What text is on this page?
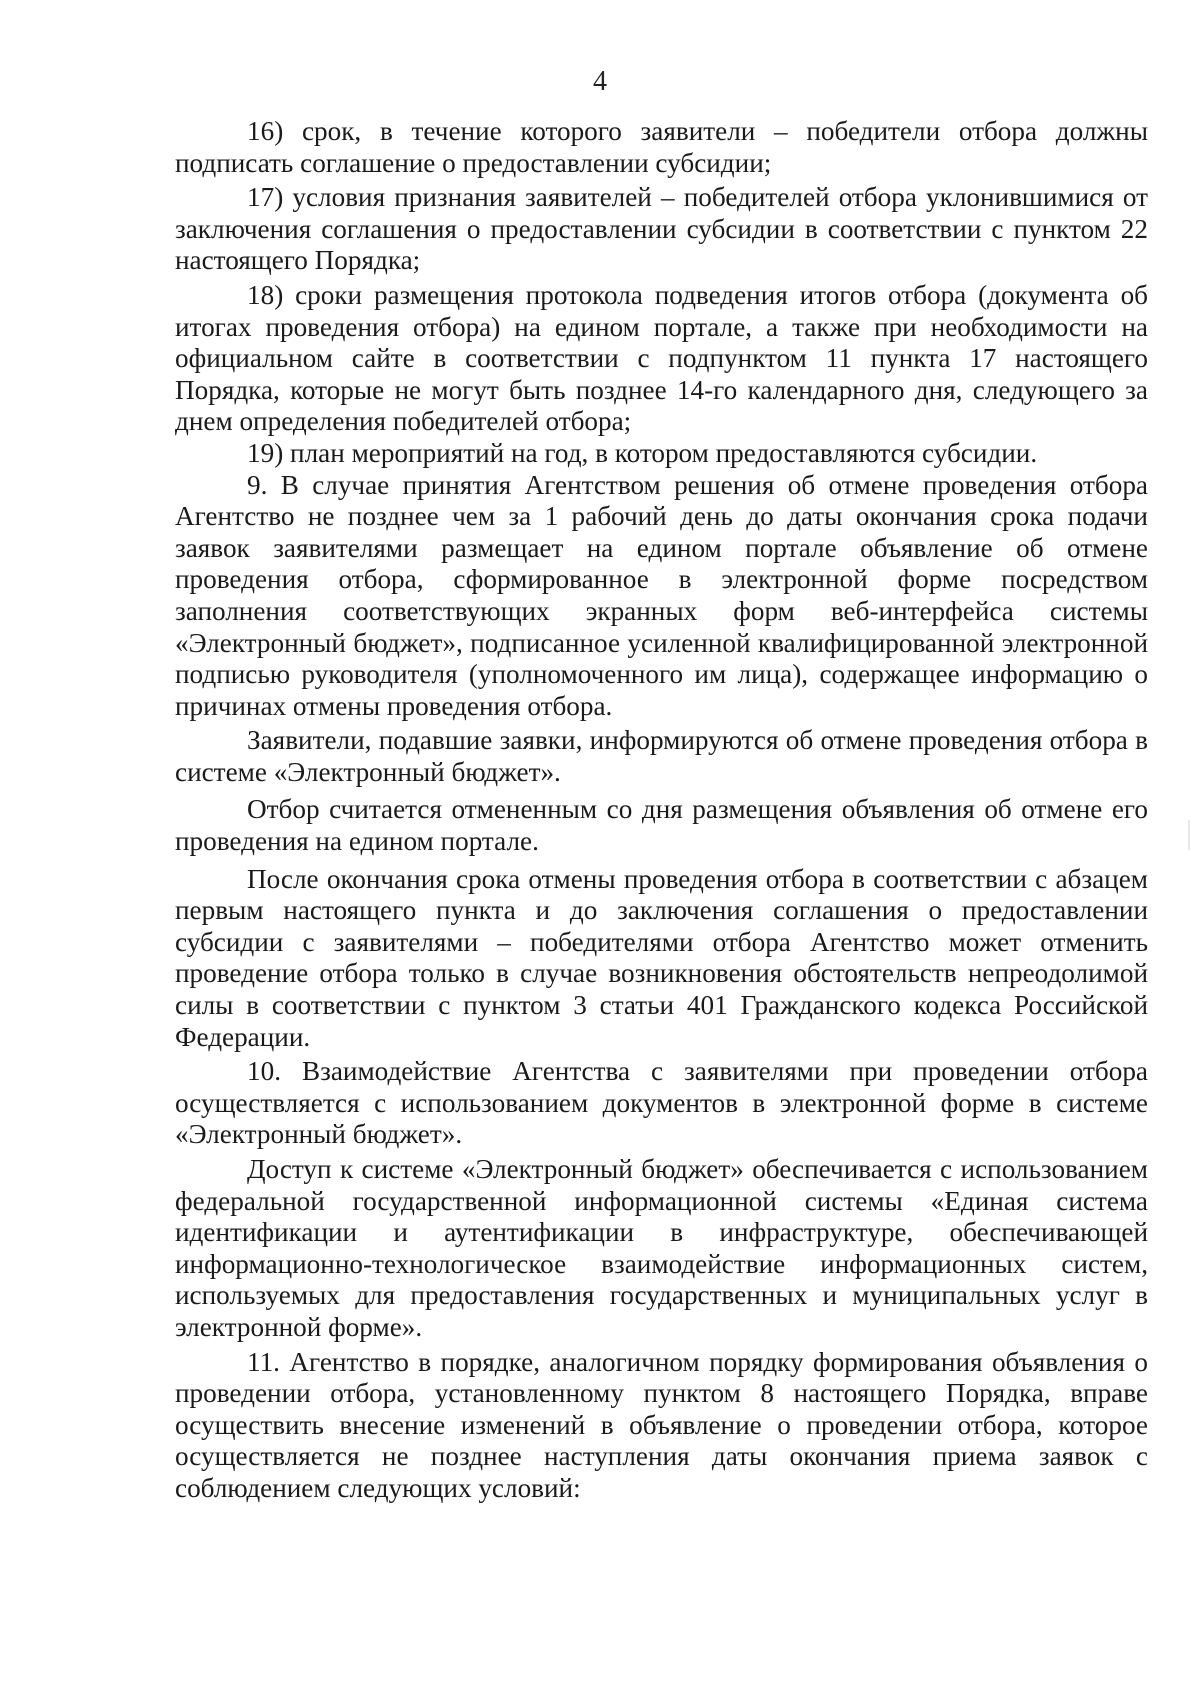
4

16) срок, в течение которого заявители – победители отбора должны подписать соглашение о предоставлении субсидии;

17) условия признания заявителей – победителей отбора уклонившимися от заключения соглашения о предоставлении субсидии в соответствии с пунктом 22 настоящего Порядка;

18) сроки размещения протокола подведения итогов отбора (документа об итогах проведения отбора) на едином портале, а также при необходимости на официальном сайте в соответствии с подпунктом 11 пункта 17 настоящего Порядка, которые не могут быть позднее 14-го календарного дня, следующего за днем определения победителей отбора;

19) план мероприятий на год, в котором предоставляются субсидии.

9. В случае принятия Агентством решения об отмене проведения отбора Агентство не позднее чем за 1 рабочий день до даты окончания срока подачи заявок заявителями размещает на едином портале объявление об отмене проведения отбора, сформированное в электронной форме посредством заполнения соответствующих экранных форм веб-интерфейса системы «Электронный бюджет», подписанное усиленной квалифицированной электронной подписью руководителя (уполномоченного им лица), содержащее информацию о причинах отмены проведения отбора.

Заявители, подавшие заявки, информируются об отмене проведения отбора в системе «Электронный бюджет».

Отбор считается отмененным со дня размещения объявления об отмене его проведения на едином портале.

После окончания срока отмены проведения отбора в соответствии с абзацем первым настоящего пункта и до заключения соглашения о предоставлении субсидии с заявителями – победителями отбора Агентство может отменить проведение отбора только в случае возникновения обстоятельств непреодолимой силы в соответствии с пунктом 3 статьи 401 Гражданского кодекса Российской Федерации.

10. Взаимодействие Агентства с заявителями при проведении отбора осуществляется с использованием документов в электронной форме в системе «Электронный бюджет».

Доступ к системе «Электронный бюджет» обеспечивается с использованием федеральной государственной информационной системы «Единая система идентификации и аутентификации в инфраструктуре, обеспечивающей информационно-технологическое взаимодействие информационных систем, используемых для предоставления государственных и муниципальных услуг в электронной форме».

11. Агентство в порядке, аналогичном порядку формирования объявления о проведении отбора, установленному пунктом 8 настоящего Порядка, вправе осуществить внесение изменений в объявление о проведении отбора, которое осуществляется не позднее наступления даты окончания приема заявок с соблюдением следующих условий:
